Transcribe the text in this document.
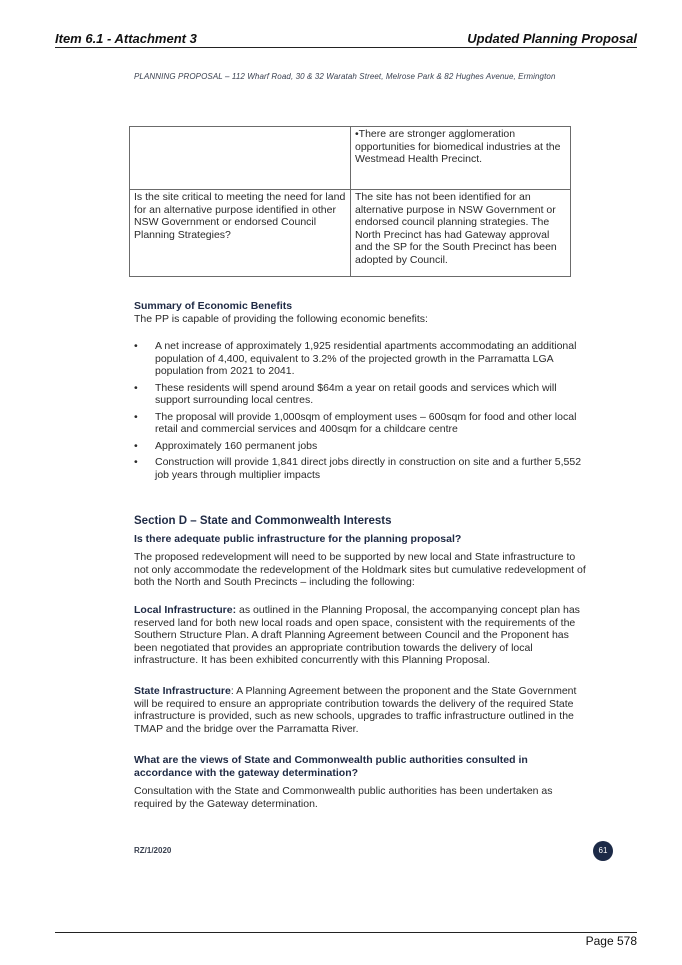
Item 6.1 - Attachment 3	Updated Planning Proposal
PLANNING PROPOSAL – 112 Wharf Road, 30 & 32 Waratah Street, Melrose Park & 82 Hughes Avenue, Ermington
	•There are stronger agglomeration opportunities for biomedical industries at the Westmead Health Precinct.
Is the site critical to meeting the need for land for an alternative purpose identified in other NSW Government or endorsed Council Planning Strategies?	The site has not been identified for an alternative purpose in NSW Government or endorsed council planning strategies. The North Precinct has had Gateway approval and the SP for the South Precinct has been adopted by Council.
Summary of Economic Benefits
The PP is capable of providing the following economic benefits:
• A net increase of approximately 1,925 residential apartments accommodating an additional population of 4,400, equivalent to 3.2% of the projected growth in the Parramatta LGA population from 2021 to 2041.
• These residents will spend around $64m a year on retail goods and services which will support surrounding local centres.
• The proposal will provide 1,000sqm of employment uses – 600sqm for food and other local retail and commercial services and 400sqm for a childcare centre
• Approximately 160 permanent jobs
• Construction will provide 1,841 direct jobs directly in construction on site and a further 5,552 job years through multiplier impacts
Section D – State and Commonwealth Interests
Is there adequate public infrastructure for the planning proposal?
The proposed redevelopment will need to be supported by new local and State infrastructure to not only accommodate the redevelopment of the Holdmark sites but cumulative redevelopment of both the North and South Precincts – including the following:
Local Infrastructure: as outlined in the Planning Proposal, the accompanying concept plan has reserved land for both new local roads and open space, consistent with the requirements of the Southern Structure Plan. A draft Planning Agreement between Council and the Proponent has been negotiated that provides an appropriate contribution towards the delivery of local infrastructure. It has been exhibited concurrently with this Planning Proposal.
State Infrastructure: A Planning Agreement between the proponent and the State Government will be required to ensure an appropriate contribution towards the delivery of the required State infrastructure is provided, such as new schools, upgrades to traffic infrastructure outlined in the TMAP and the bridge over the Parramatta River.
What are the views of State and Commonwealth public authorities consulted in accordance with the gateway determination?
Consultation with the State and Commonwealth public authorities has been undertaken as required by the Gateway determination.
RZ/1/2020	61
Page 578
